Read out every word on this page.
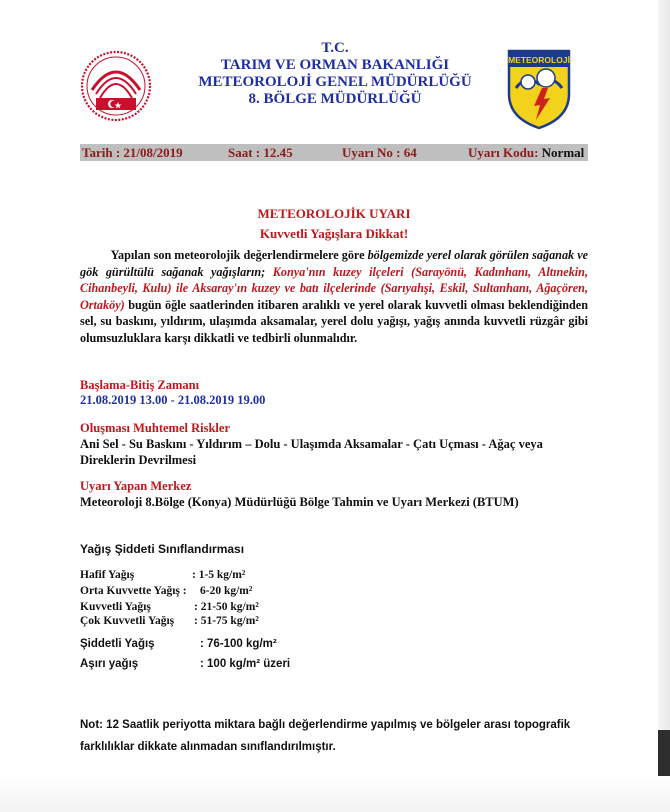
METEOROLOJİ
T.C.
TARIM VE ORMAN BAKANLIĞI
METEOROLOJİ GENEL MÜDÜRLÜĞÜ
8. BÖLGE MÜDÜRLÜĞÜ
Tarih : 21/08/2019	Saat : 12.45	Uyarı No : 64	Uyarı Kodu: Normal
METEOROLOJİK UYARI
Kuvvetli Yağışlara Dikkat!

Yapılan son meteorolojik değerlendirmelere göre bölgemizde yerel olarak görülen sağanak ve gök gürültülü sağanak yağışların; Konya'nın kuzey ilçeleri (Sarayönü, Kadınhanı, Altınekin, Cihanbeyli, Kulu) ile Aksaray'ın kuzey ve batı ilçelerinde (Sarıyahşi, Eskil, Sultanhanı, Ağaçören, Ortaköy) bugün öğle saatlerinden itibaren aralıklı ve yerel olarak kuvvetli olması beklendiğinden sel, su baskını, yıldırım, ulaşımda aksamalar, yerel dolu yağışı, yağış anında kuvvetli rüzgâr gibi olumsuzluklara karşı dikkatli ve tedbirli olunmalıdır.

Başlama-Bitiş Zamanı
21.08.2019 13.00 - 21.08.2019 19.00
Oluşması Muhtemel Riskler
Ani Sel - Su Baskını - Yıldırım – Dolu - Ulaşımda Aksamalar - Çatı Uçması - Ağaç veya Direklerin Devrilmesi
Uyarı Yapan Merkez
Meteoroloji 8.Bölge (Konya) Müdürlüğü Bölge Tahmin ve Uyarı Merkezi (BTUM)
Yağış Şiddeti Sınıflandırması
Hafif Yağış	: 1-5 kg/m²
Orta Kuvvette Yağış : 6-20 kg/m²
Kuvvetli Yağış	: 21-50 kg/m²
Çok Kuvvetli Yağış : 51-75 kg/m²
Şiddetli Yağış	: 76-100 kg/m²
Aşırı yağış	: 100 kg/m² üzeri
Not: 12 Saatlik periyotta miktara bağlı değerlendirme yapılmış ve bölgeler arası topografik farklılıklar dikkate alınmadan sınıflandırılmıştır.
